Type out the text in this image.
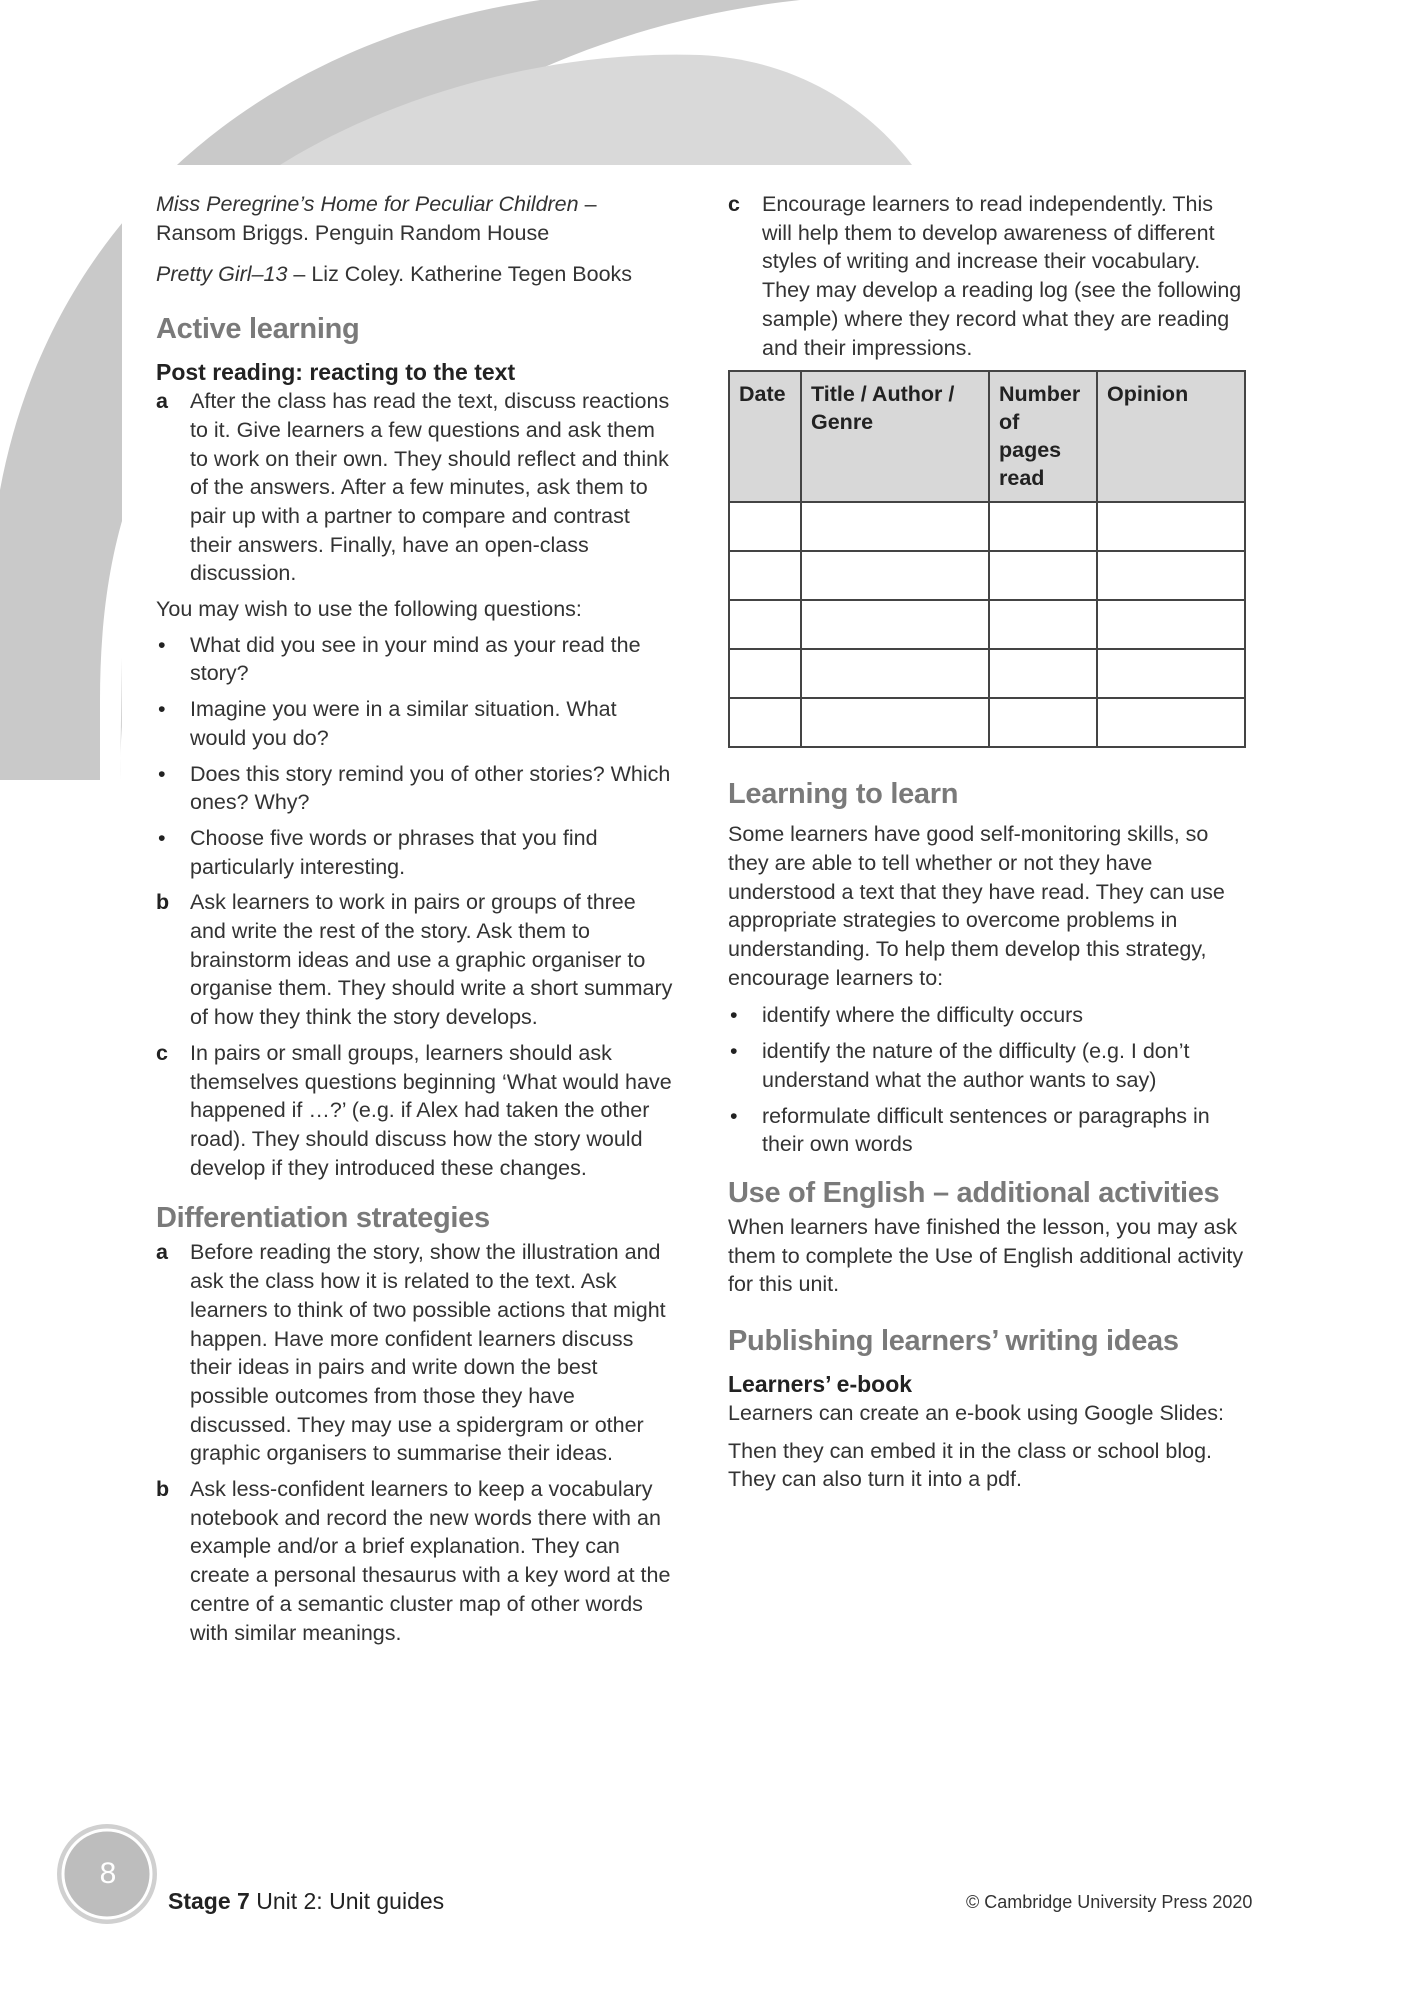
8

Miss Peregrine’s Home for Peculiar Children – Ransom Briggs. Penguin Random House

Pretty Girl–13 – Liz Coley. Katherine Tegen Books

Active learning
Post reading: reacting to the text
a After the class has read the text, discuss reactions to it. Give learners a few questions and ask them to work on their own. They should reflect and think of the answers. After a few minutes, ask them to pair up with a partner to compare and contrast their answers. Finally, have an open-class discussion.

You may wish to use the following questions:

• What did you see in your mind as your read the story?
• Imagine you were in a similar situation. What would you do?
• Does this story remind you of other stories? Which ones? Why?
• Choose five words or phrases that you find particularly interesting.
b Ask learners to work in pairs or groups of three and write the rest of the story. Ask them to brainstorm ideas and use a graphic organiser to organise them. They should write a short summary of how they think the story develops.
c In pairs or small groups, learners should ask themselves questions beginning ‘What would have happened if …?’ (e.g. if Alex had taken the other road). They should discuss how the story would develop if they introduced these changes.
Differentiation strategies
a Before reading the story, show the illustration and ask the class how it is related to the text. Ask learners to think of two possible actions that might happen. Have more confident learners discuss their ideas in pairs and write down the best possible outcomes from those they have discussed. They may use a spidergram or other graphic organisers to summarise their ideas.
b Ask less-confident learners to keep a vocabulary notebook and record the new words there with an example and/or a brief explanation. They can create a personal thesaurus with a key word at the centre of a semantic cluster map of other words with similar meanings.
c Encourage learners to read independently. This will help them to develop awareness of different styles of writing and increase their vocabulary. They may develop a reading log (see the following sample) where they record what they are reading and their impressions.
Date	Title / Author / Genre	Number of pages read	Opinion

Learning to learn

Some learners have good self-monitoring skills, so they are able to tell whether or not they have understood a text that they have read. They can use appropriate strategies to overcome problems in understanding. To help them develop this strategy, encourage learners to:

• identify where the difficulty occurs
• identify the nature of the difficulty (e.g. I don’t understand what the author wants to say)
• reformulate difficult sentences or paragraphs in their own words
Use of English – additional activities

When learners have finished the lesson, you may ask them to complete the Use of English additional activity for this unit.

Publishing learners’ writing ideas
Learners’ e-book

Learners can create an e-book using Google Slides:

Then they can embed it in the class or school blog. They can also turn it into a pdf.

Stage 7 Unit 2: Unit guides	© Cambridge University Press 2020
